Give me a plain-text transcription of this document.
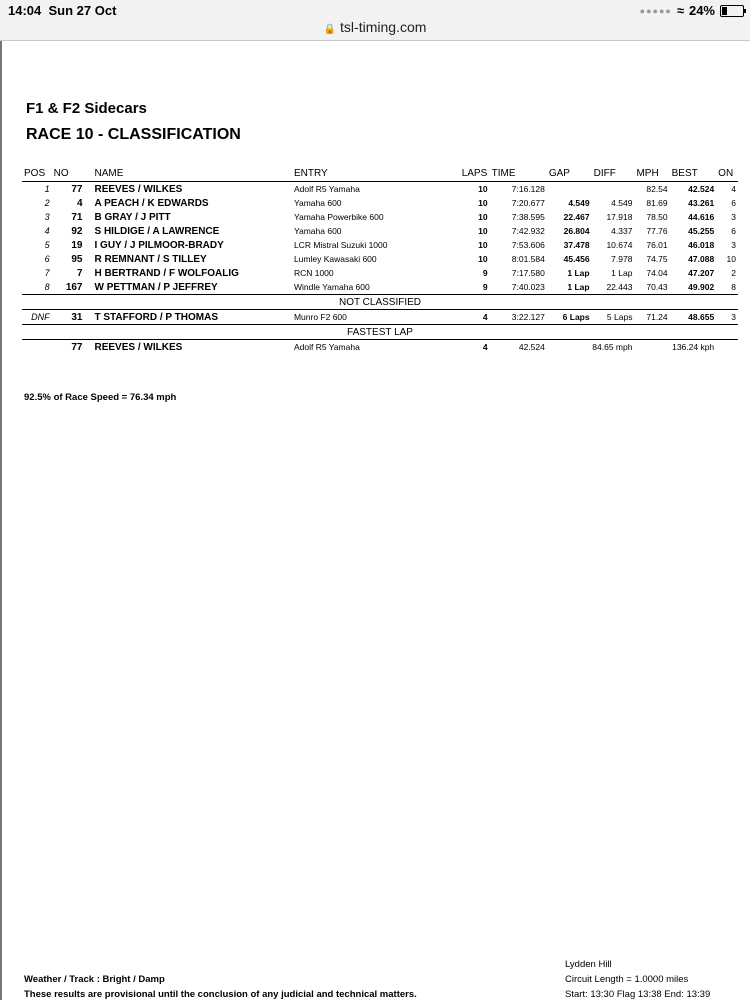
14:04 Sun 27 Oct
🔒 tsl-timing.com
●●●●● ≈ 24%
F1 & F2 Sidecars
RACE 10 - CLASSIFICATION
POS	NO	NAME	ENTRY	LAPS	TIME	GAP	DIFF	MPH	BEST	ON
1	77	REEVES / WILKES	Adolf R5 Yamaha	10	7:16.128			82.54	42.524	4
2	4	A PEACH / K EDWARDS	Yamaha 600	10	7:20.677	4.549	4.549	81.69	43.261	6
3	71	B GRAY / J PITT	Yamaha Powerbike 600	10	7:38.595	22.467	17.918	78.50	44.616	3
4	92	S HILDIGE / A LAWRENCE	Yamaha 600	10	7:42.932	26.804	4.337	77.76	45.255	6
5	19	I GUY / J PILMOOR-BRADY	LCR Mistral Suzuki 1000	10	7:53.606	37.478	10.674	76.01	46.018	3
6	95	R REMNANT / S TILLEY	Lumley Kawasaki 600	10	8:01.584	45.456	7.978	74.75	47.088	10
7	7	H BERTRAND / F WOLFOALIG	RCN 1000	9	7:17.580	1 Lap	1 Lap	74.04	47.207	2
8	167	W PETTMAN / P JEFFREY	Windle Yamaha 600	9	7:40.023	1 Lap	22.443	70.43	49.902	8
NOT CLASSIFIED										
DNF	31	T STAFFORD / P THOMAS	Munro F2 600	4	3:22.127	6 Laps	5 Laps	71.24	48.655	3
FASTEST LAP										
	77	REEVES / WILKES	Adolf R5 Yamaha	4	42.524	84.65 mph		136.24 kph		
92.5% of Race Speed = 76.34 mph
Weather / Track : Bright / Damp
These results are provisional until the conclusion of any judicial and technical matters.
Lydden Hill
Circuit Length = 1.0000 miles
Start: 13:30 Flag 13:38 End: 13:39
